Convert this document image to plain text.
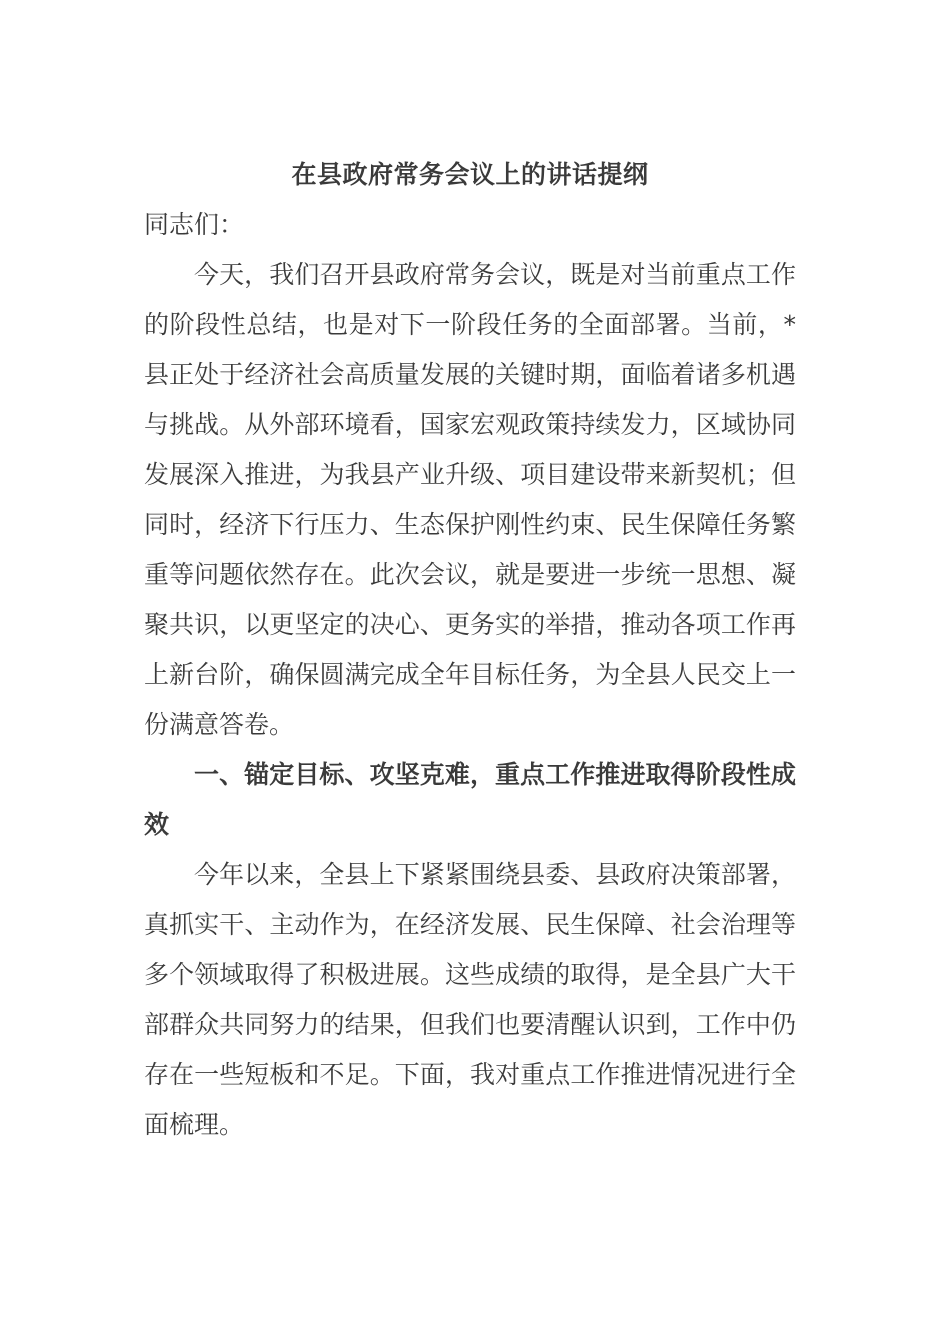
在县政府常务会议上的讲话提纲

同志们：

今天，我们召开县政府常务会议，既是对当前重点工作的阶段性总结，也是对下一阶段任务的全面部署。当前，*县正处于经济社会高质量发展的关键时期，面临着诸多机遇与挑战。从外部环境看，国家宏观政策持续发力，区域协同发展深入推进，为我县产业升级、项目建设带来新契机；但同时，经济下行压力、生态保护刚性约束、民生保障任务繁重等问题依然存在。此次会议，就是要进一步统一思想、凝聚共识，以更坚定的决心、更务实的举措，推动各项工作再上新台阶，确保圆满完成全年目标任务，为全县人民交上一份满意答卷。

一、锚定目标、攻坚克难，重点工作推进取得阶段性成效

今年以来，全县上下紧紧围绕县委、县政府决策部署，真抓实干、主动作为，在经济发展、民生保障、社会治理等多个领域取得了积极进展。这些成绩的取得，是全县广大干部群众共同努力的结果，但我们也要清醒认识到，工作中仍存在一些短板和不足。下面，我对重点工作推进情况进行全面梳理。
